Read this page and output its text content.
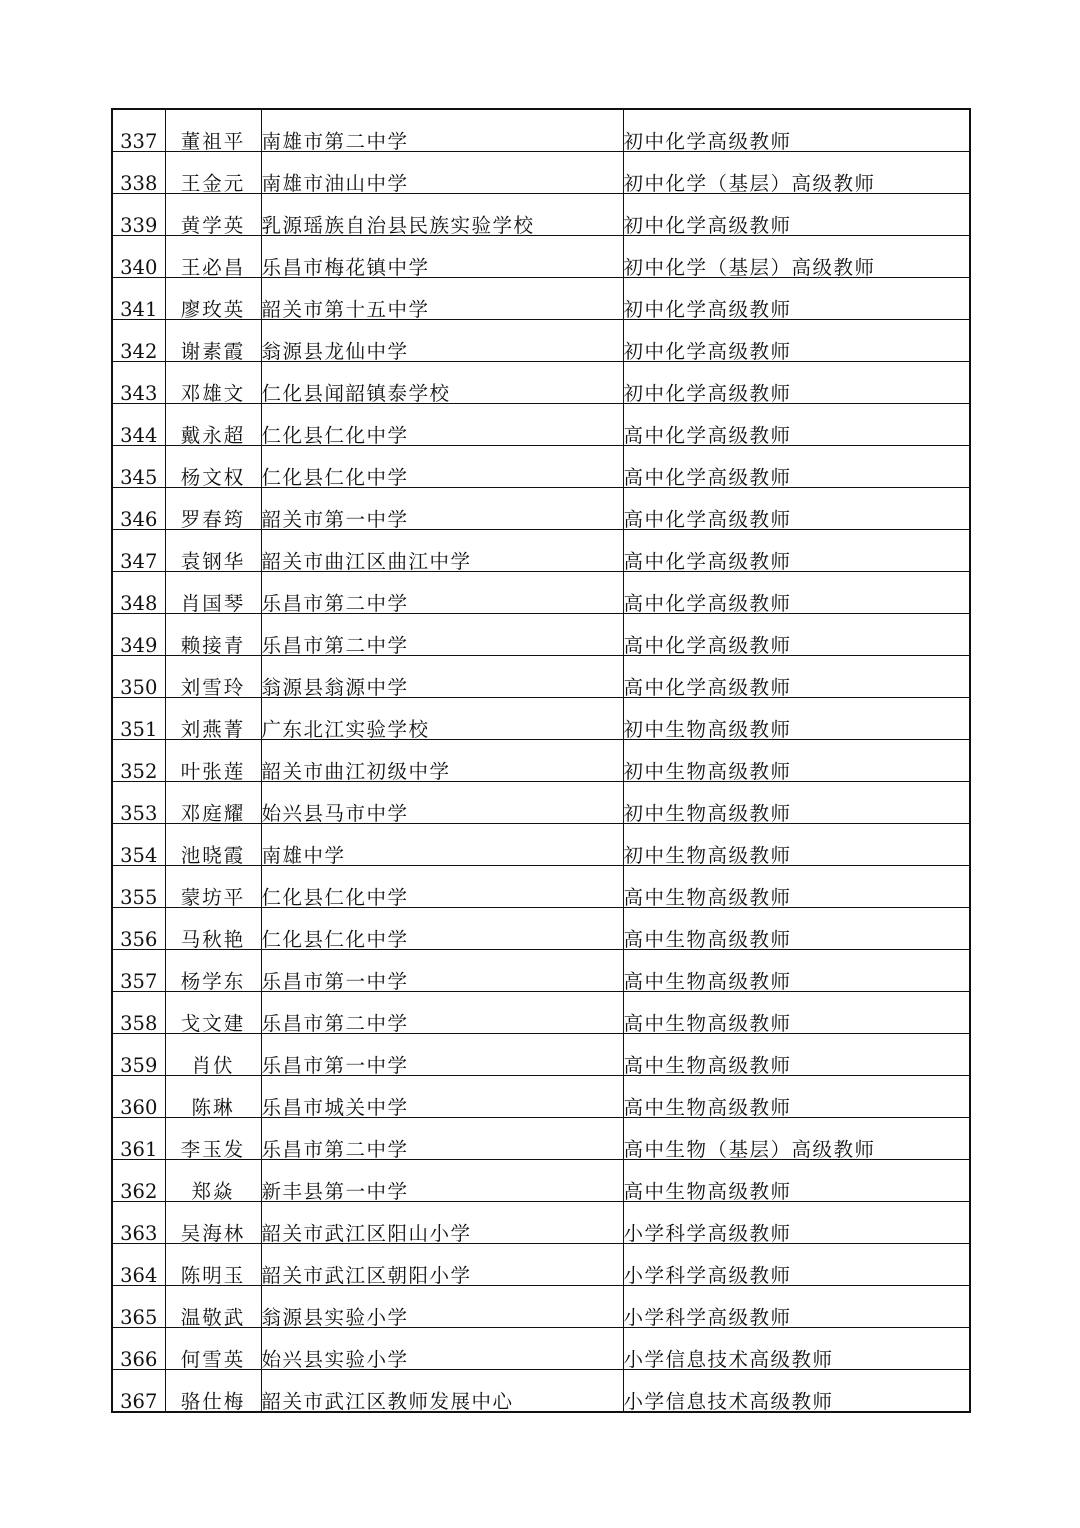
337	董祖平	南雄市第二中学	初中化学高级教师
338	王金元	南雄市油山中学	初中化学（基层）高级教师
339	黄学英	乳源瑶族自治县民族实验学校	初中化学高级教师
340	王必昌	乐昌市梅花镇中学	初中化学（基层）高级教师
341	廖玫英	韶关市第十五中学	初中化学高级教师
342	谢素霞	翁源县龙仙中学	初中化学高级教师
343	邓雄文	仁化县闻韶镇泰学校	初中化学高级教师
344	戴永超	仁化县仁化中学	高中化学高级教师
345	杨文权	仁化县仁化中学	高中化学高级教师
346	罗春筠	韶关市第一中学	高中化学高级教师
347	袁钢华	韶关市曲江区曲江中学	高中化学高级教师
348	肖国琴	乐昌市第二中学	高中化学高级教师
349	赖接青	乐昌市第二中学	高中化学高级教师
350	刘雪玲	翁源县翁源中学	高中化学高级教师
351	刘燕菁	广东北江实验学校	初中生物高级教师
352	叶张莲	韶关市曲江初级中学	初中生物高级教师
353	邓庭耀	始兴县马市中学	初中生物高级教师
354	池晓霞	南雄中学	初中生物高级教师
355	蒙坊平	仁化县仁化中学	高中生物高级教师
356	马秋艳	仁化县仁化中学	高中生物高级教师
357	杨学东	乐昌市第一中学	高中生物高级教师
358	戈文建	乐昌市第二中学	高中生物高级教师
359	肖伏	乐昌市第一中学	高中生物高级教师
360	陈琳	乐昌市城关中学	高中生物高级教师
361	李玉发	乐昌市第二中学	高中生物（基层）高级教师
362	郑焱	新丰县第一中学	高中生物高级教师
363	吴海林	韶关市武江区阳山小学	小学科学高级教师
364	陈明玉	韶关市武江区朝阳小学	小学科学高级教师
365	温敬武	翁源县实验小学	小学科学高级教师
366	何雪英	始兴县实验小学	小学信息技术高级教师
367	骆仕梅	韶关市武江区教师发展中心	小学信息技术高级教师
